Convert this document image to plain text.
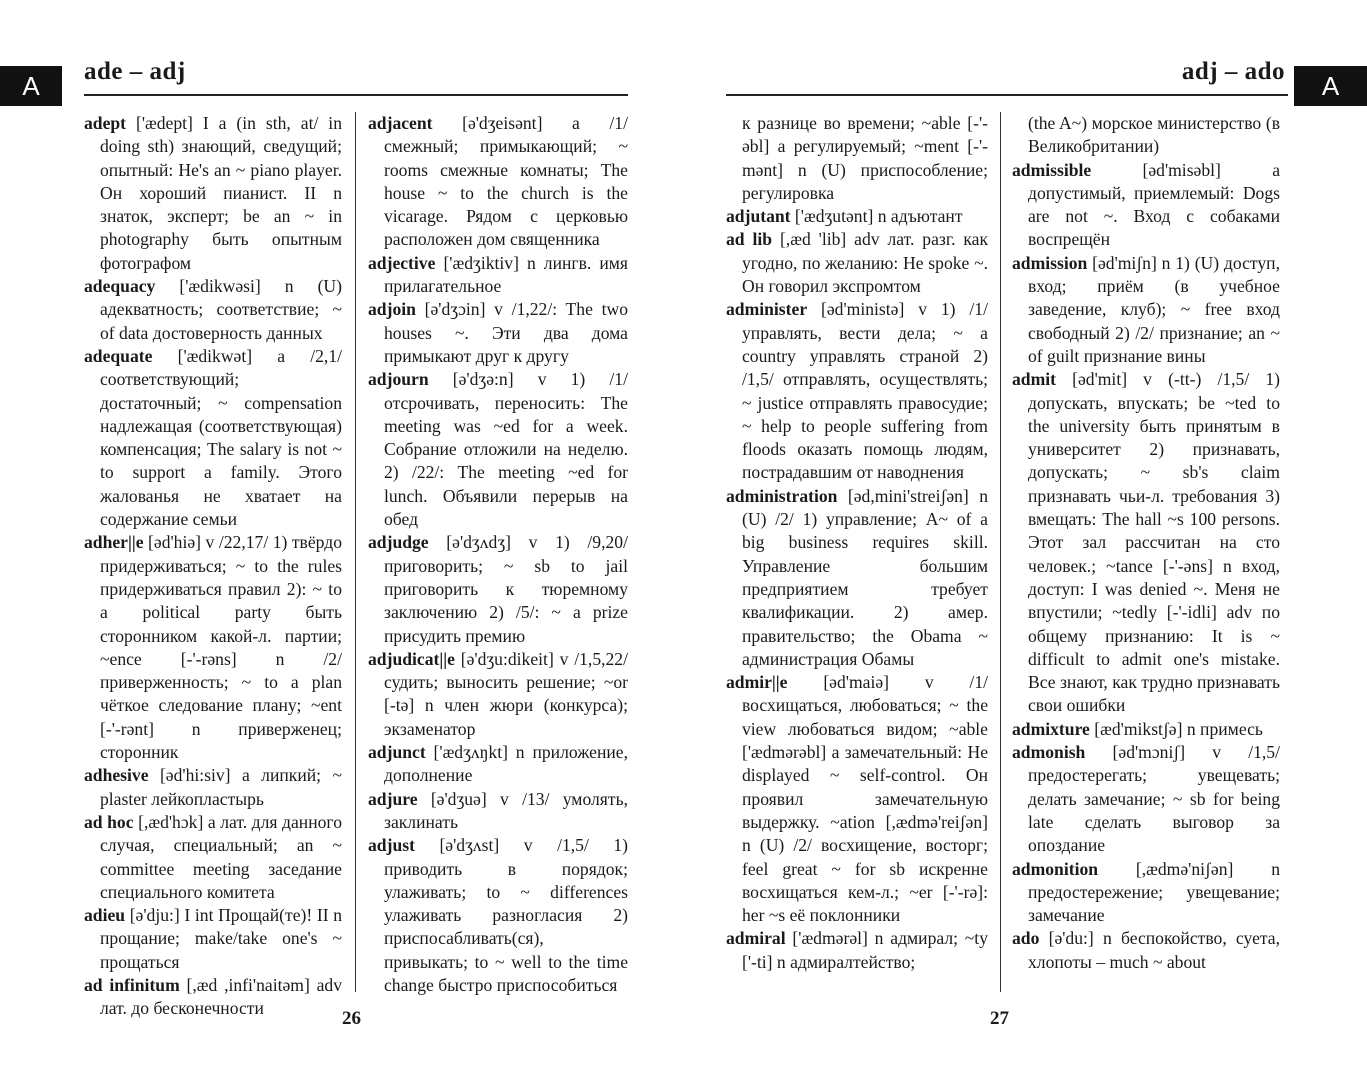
A	ade – adj

adept ['ædept] I a (in sth, at/ in doing sth) знающий, сведущий; опытный: He's an ~ piano player. Он хороший пианист. II n знаток, эксперт; be an ~ in photography быть опытным фотографом

adequacy ['ædikwəsi] n (U) адекватность; соответствие; ~ of data достоверность данных

adequate ['ædikwət] a /2,1/ соответствующий; достаточный; ~ compensation надлежащая (соответствующая) компенсация; The salary is not ~ to support a family. Этого жалованья не хватает на содержание семьи

adher||e [əd'hiə] v /22,17/ 1) твёрдо придерживаться; ~ to the rules придерживаться правил 2): ~ to a political party быть сторонником какой-л. партии; ~ence [-'-rəns] n /2/ приверженность; ~ to a plan чёткое следование плану; ~ent [-'-rənt] n приверженец; сторонник

adhesive [əd'hi:siv] a липкий; ~ plaster лейкопластырь

ad hoc [,æd'hɔk] a лат. для данного случая, специальный; an ~ committee meeting заседание специального комитета

adieu [ə'dju:] I int Прощай(те)! II n прощание; make/take one's ~ прощаться

ad infinitum [,æd ,infi'naitəm] adv лат. до бесконечности

adjacent [ə'dʒeisənt] a /1/ смежный; примыкающий; ~ rooms смежные комнаты; The house ~ to the church is the vicarage. Рядом с церковью расположен дом священника

adjective ['ædʒiktiv] n лингв. имя прилагательное

adjoin [ə'dʒɔin] v /1,22/: The two houses ~. Эти два дома примыкают друг к другу

adjourn [ə'dʒə:n] v 1) /1/ отсрочивать, переносить: The meeting was ~ed for a week. Собрание отложили на неделю. 2) /22/: The meeting ~ed for lunch. Объявили перерыв на обед

adjudge [ə'dʒʌdʒ] v 1) /9,20/ приговорить; ~ sb to jail приговорить к тюремному заключению 2) /5/: ~ a prize присудить премию

adjudicat||e [ə'dʒu:dikeit] v /1,5,22/ судить; выносить решение; ~or [-tə] n член жюри (конкурса); экзаменатор

adjunct ['ædʒʌŋkt] n приложение, дополнение

adjure [ə'dʒuə] v /13/ умолять, заклинать

adjust [ə'dʒʌst] v /1,5/ 1) приводить в порядок; улаживать; to ~ differences улаживать разногласия 2) приспосабливать(ся), привыкать; to ~ well to the time change быстро приспособиться

26
A
adj – ado

к разнице во времени; ~able [-'-əbl] a регулируемый; ~ment [-'-mənt] n (U) приспособление; регулировка

adjutant ['ædʒutənt] n адъютант

ad lib [,æd 'lib] adv лат. разг. как угодно, по желанию: He spoke ~. Он говорил экспромтом

administer [əd'ministə] v 1) /1/ управлять, вести дела; ~ a country управлять страной 2) /1,5/ отправлять, осуществлять; ~ justice отправлять правосудие; ~ help to people suffering from floods оказать помощь людям, пострадавшим от наводнения

administration [əd,mini'streiʃən] n (U) /2/ 1) управление; A~ of a big business requires skill. Управление большим предприятием требует квалификации. 2) амер. правительство; the Obama ~ администрация Обамы

admir||e [əd'maiə] v /1/ восхищаться, любоваться; ~ the view любоваться видом; ~able ['ædmərəbl] a замечательный: He displayed ~ self-control. Он проявил замечательную выдержку. ~ation [,ædmə'reiʃən] n (U) /2/ восхищение, восторг; feel great ~ for sb искренне восхищаться кем-л.; ~er [-'-rə]: her ~s её поклонники

admiral ['ædmərəl] n адмирал; ~ty ['-ti] n адмиралтейство;

(the A~) морское министерство (в Великобритании)

admissible [əd'misəbl] a допустимый, приемлемый: Dogs are not ~. Вход с собаками воспрещён

admission [əd'miʃn] n 1) (U) доступ, вход; приём (в учебное заведение, клуб); ~ free вход свободный 2) /2/ признание; an ~ of guilt признание вины

admit [əd'mit] v (-tt-) /1,5/ 1) допускать, впускать; be ~ted to the university быть принятым в университет 2) признавать, допускать; ~ sb's claim признавать чьи-л. требования 3) вмещать: The hall ~s 100 persons. Этот зал рассчитан на сто человек.; ~tance [-'-əns] n вход, доступ: I was denied ~. Меня не впустили; ~tedly [-'-idli] adv по общему признанию: It is ~ difficult to admit one's mistake. Все знают, как трудно признавать свои ошибки

admixture [æd'mikstʃə] n примесь

admonish [əd'mɔniʃ] v /1,5/ предостерегать; увещевать; делать замечание; ~ sb for being late сделать выговор за опоздание

admonition [,ædmə'niʃən] n предостережение; увещевание; замечание

ado [ə'du:] n беспокойство, суета, хлопоты – much ~ about

27
